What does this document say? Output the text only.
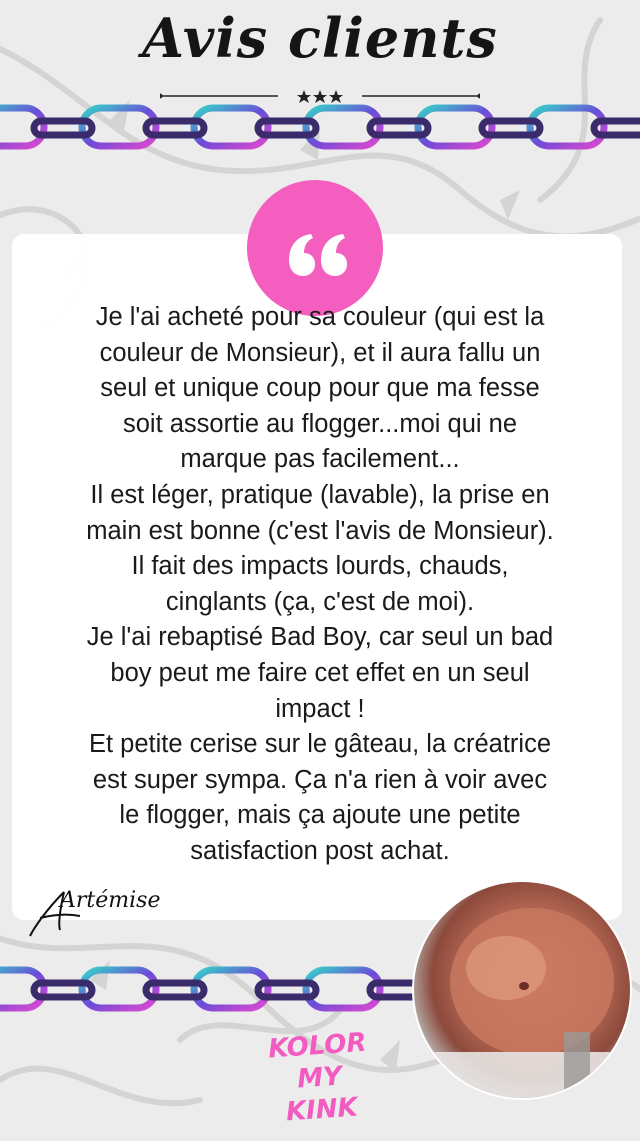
Avis clients
Je l'ai acheté pour sa couleur (qui est la
couleur de Monsieur), et il aura fallu un
seul et unique coup pour que ma fesse
soit assortie au flogger...moi qui ne
marque pas facilement...
Il est léger, pratique (lavable), la prise en
main est bonne (c'est l'avis de Monsieur).
Il fait des impacts lourds, chauds,
cinglants (ça, c'est de moi).
Je l'ai rebaptisé Bad Boy, car seul un bad
boy peut me faire cet effet en un seul
impact !
Et petite cerise sur le gâteau, la créatrice
est super sympa. Ça n'a rien à voir avec
le flogger, mais ça ajoute une petite
satisfaction post achat.
Artémise
KOLOR
MY
KINK
